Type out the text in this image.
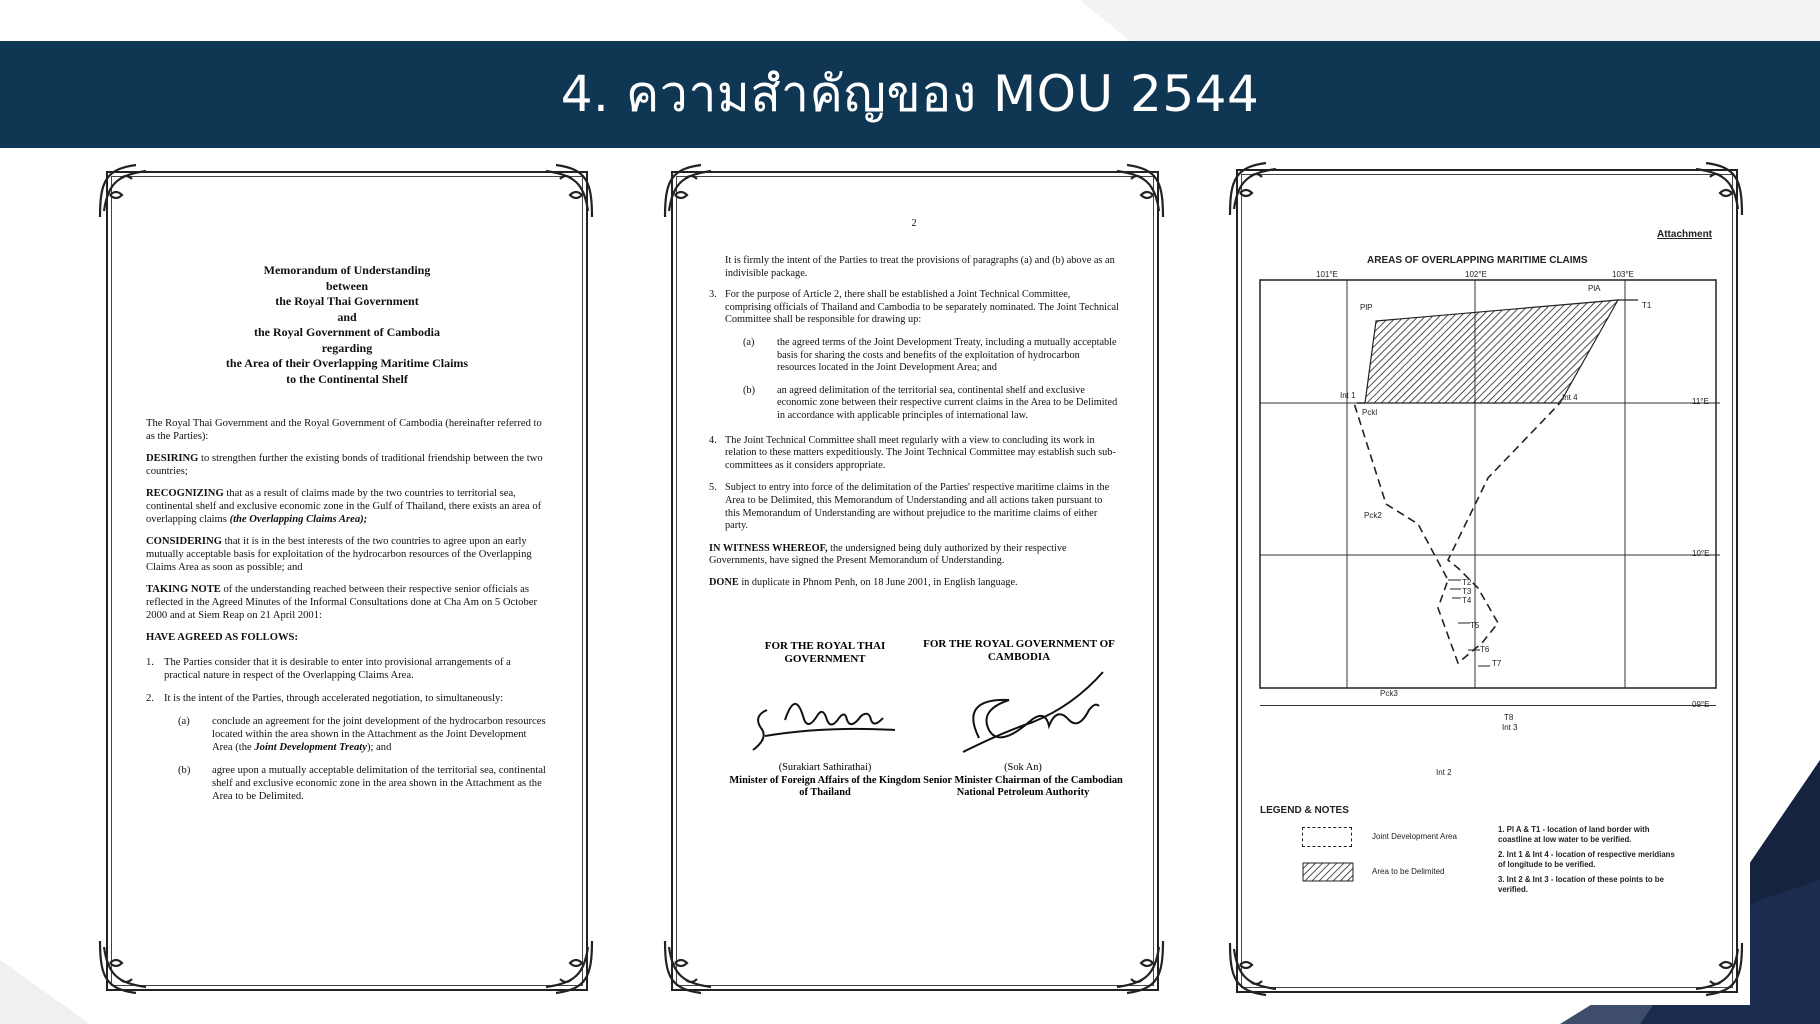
4. ความสำคัญของ MOU 2544
Memorandum of Understanding
between
the Royal Thai Government
and
the Royal Government of Cambodia
regarding
the Area of their Overlapping Maritime Claims
to the Continental Shelf

The Royal Thai Government and the Royal Government of Cambodia (hereinafter referred to as the Parties):

DESIRING to strengthen further the existing bonds of traditional friendship between the two countries;

RECOGNIZING that as a result of claims made by the two countries to territorial sea, continental shelf and exclusive economic zone in the Gulf of Thailand, there exists an area of overlapping claims (the Overlapping Claims Area);

CONSIDERING that it is in the best interests of the two countries to agree upon an early mutually acceptable basis for exploitation of the hydrocarbon resources of the Overlapping Claims Area as soon as possible; and

TAKING NOTE of the understanding reached between their respective senior officials as reflected in the Agreed Minutes of the Informal Consultations done at Cha Am on 5 October 2000 and at Siem Reap on 21 April 2001:

HAVE AGREED AS FOLLOWS:

1. The Parties consider that it is desirable to enter into provisional arrangements of a practical nature in respect of the Overlapping Claims Area.
2. It is the intent of the Parties, through accelerated negotiation, to simultaneously:
(a) conclude an agreement for the joint development of the hydrocarbon resources located within the area shown in the Attachment as the Joint Development Area (the Joint Development Treaty); and
(b) agree upon a mutually acceptable delimitation of the territorial sea, continental shelf and exclusive economic zone in the area shown in the Attachment as the Area to be Delimited.
2

It is firmly the intent of the Parties to treat the provisions of paragraphs (a) and (b) above as an indivisible package.

3. For the purpose of Article 2, there shall be established a Joint Technical Committee, comprising officials of Thailand and Cambodia to be separately nominated. The Joint Technical Committee shall be responsible for drawing up:
(a) the agreed terms of the Joint Development Treaty, including a mutually acceptable basis for sharing the costs and benefits of the exploitation of hydrocarbon resources located in the Joint Development Area; and
(b) an agreed delimitation of the territorial sea, continental shelf and exclusive economic zone between their respective current claims in the Area to be Delimited in accordance with applicable principles of international law.
4. The Joint Technical Committee shall meet regularly with a view to concluding its work in relation to these matters expeditiously. The Joint Technical Committee may establish such sub-committees as it considers appropriate.
5. Subject to entry into force of the delimitation of the Parties' respective maritime claims in the Area to be Delimited, this Memorandum of Understanding and all actions taken pursuant to this Memorandum of Understanding are without prejudice to the maritime claims of either party.

IN WITNESS WHEREOF, the undersigned being duly authorized by their respective Governments, have signed the Present Memorandum of Understanding.

DONE in duplicate in Phnom Penh, on 18 June 2001, in English language.

FOR THE ROYAL THAI GOVERNMENT
FOR THE ROYAL GOVERNMENT OF CAMBODIA
(Surakiart Sathirathai)
Minister of Foreign Affairs of the Kingdom of Thailand
(Sok An)
Senior Minister Chairman of the Cambodian National Petroleum Authority
Attachment
AREAS OF OVERLAPPING MARITIME CLAIMS
101°E	102°E	103°E
11°E
10°E
09°E
PlA
T1
PlP
Int 1	Int 4
Pckl
Pck2
Pck3
T2
T3
T4
T5
T6
T7
T8
Int 3
Int 2
LEGEND & NOTES
Joint Development Area
Area to be Delimited
1. Pl A & T1 - location of land border with coastline at low water to be verified.
2. Int 1 & Int 4 - location of respective meridians of longitude to be verified.
3. Int 2 & Int 3 - location of these points to be verified.
